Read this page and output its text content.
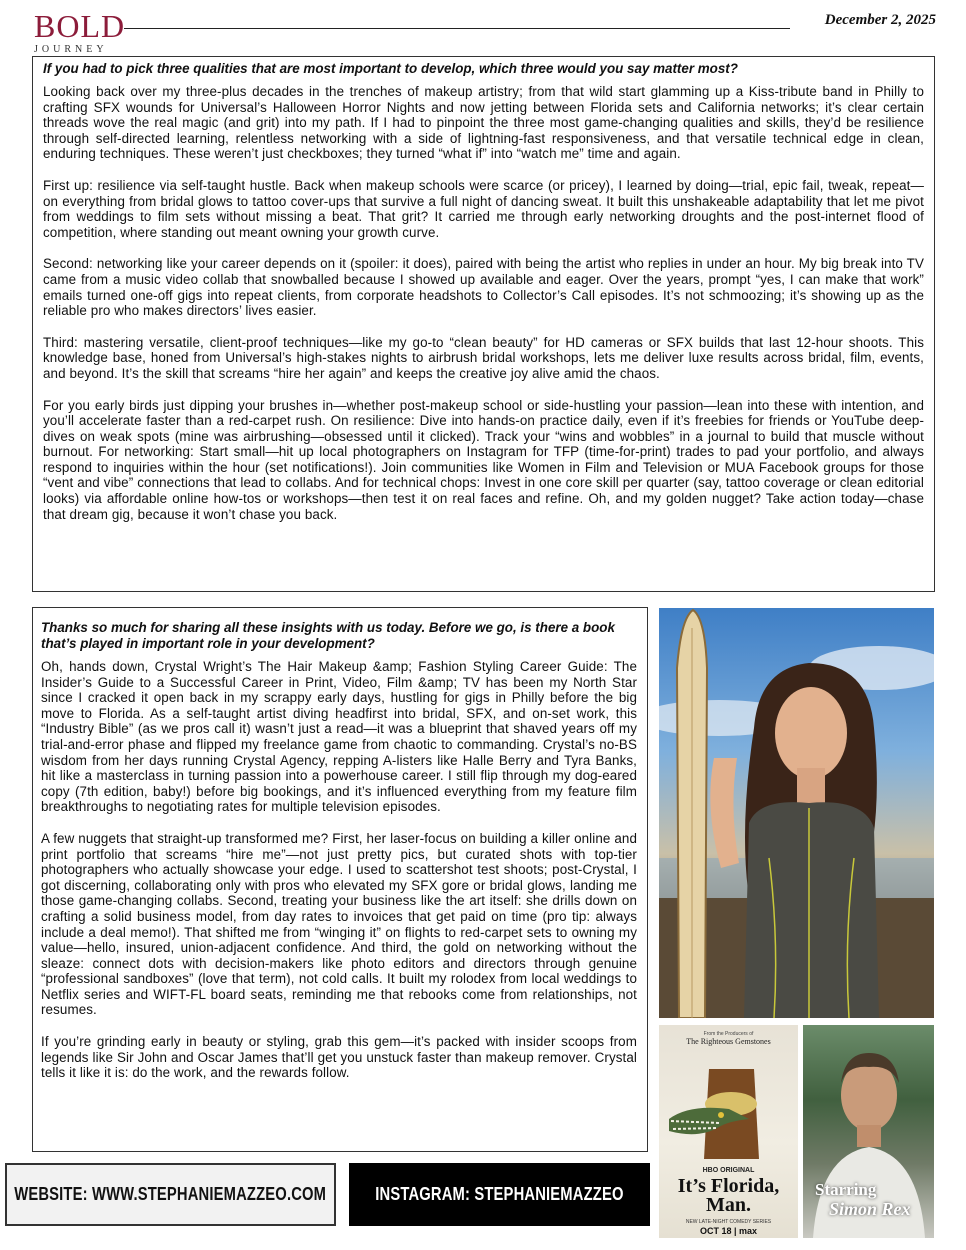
BOLD
JOURNEY
December 2, 2025

If you had to pick three qualities that are most important to develop, which three would you say matter most?

Looking back over my three-plus decades in the trenches of makeup artistry; from that wild start glamming up a Kiss-tribute band in Philly to crafting SFX wounds for Universal’s Halloween Horror Nights and now jetting between Florida sets and California networks; it’s clear certain threads wove the real magic (and grit) into my path. If I had to pinpoint the three most game-changing qualities and skills, they’d be resilience through self-directed learning, relentless networking with a side of lightning-fast responsiveness, and that versatile technical edge in clean, enduring techniques. These weren’t just checkboxes; they turned “what if” into “watch me” time and again.

First up: resilience via self-taught hustle. Back when makeup schools were scarce (or pricey), I learned by doing—trial, epic fail, tweak, repeat—on everything from bridal glows to tattoo cover-ups that survive a full night of dancing sweat. It built this unshakeable adaptability that let me pivot from weddings to film sets without missing a beat. That grit? It carried me through early networking droughts and the post-internet flood of competition, where standing out meant owning your growth curve.

Second: networking like your career depends on it (spoiler: it does), paired with being the artist who replies in under an hour. My big break into TV came from a music video collab that snowballed because I showed up available and eager. Over the years, prompt “yes, I can make that work” emails turned one-off gigs into repeat clients, from corporate headshots to Collector’s Call episodes. It’s not schmoozing; it’s showing up as the reliable pro who makes directors’ lives easier.

Third: mastering versatile, client-proof techniques—like my go-to “clean beauty” for HD cameras or SFX builds that last 12-hour shoots. This knowledge base, honed from Universal’s high-stakes nights to airbrush bridal workshops, lets me deliver luxe results across bridal, film, events, and beyond. It’s the skill that screams “hire her again” and keeps the creative joy alive amid the chaos.

For you early birds just dipping your brushes in—whether post-makeup school or side-hustling your passion—lean into these with intention, and you’ll accelerate faster than a red-carpet rush. On resilience: Dive into hands-on practice daily, even if it’s freebies for friends or YouTube deep-dives on weak spots (mine was airbrushing—obsessed until it clicked). Track your “wins and wobbles” in a journal to build that muscle without burnout. For networking: Start small—hit up local photographers on Instagram for TFP (time-for-print) trades to pad your portfolio, and always respond to inquiries within the hour (set notifications!). Join communities like Women in Film and Television or MUA Facebook groups for those “vent and vibe” connections that lead to collabs. And for technical chops: Invest in one core skill per quarter (say, tattoo coverage or clean editorial looks) via affordable online how-tos or workshops—then test it on real faces and refine. Oh, and my golden nugget? Take action today—chase that dream gig, because it won’t chase you back.

Thanks so much for sharing all these insights with us today. Before we go, is there a book that’s played in important role in your development?

Oh, hands down, Crystal Wright’s The Hair Makeup &amp; Fashion Styling Career Guide: The Insider’s Guide to a Successful Career in Print, Video, Film &amp; TV has been my North Star since I cracked it open back in my scrappy early days, hustling for gigs in Philly before the big move to Florida. As a self-taught artist diving headfirst into bridal, SFX, and on-set work, this “Industry Bible” (as we pros call it) wasn’t just a read—it was a blueprint that shaved years off my trial-and-error phase and flipped my freelance game from chaotic to commanding. Crystal’s no-BS wisdom from her days running Crystal Agency, repping A-listers like Halle Berry and Tyra Banks, hit like a masterclass in turning passion into a powerhouse career. I still flip through my dog-eared copy (7th edition, baby!) before big bookings, and it’s influenced everything from my feature film breakthroughs to negotiating rates for multiple television episodes.

A few nuggets that straight-up transformed me? First, her laser-focus on building a killer online and print portfolio that screams “hire me”—not just pretty pics, but curated shots with top-tier photographers who actually showcase your edge. I used to scattershot test shoots; post-Crystal, I got discerning, collaborating only with pros who elevated my SFX gore or bridal glows, landing me those game-changing collabs. Second, treating your business like the art itself: she drills down on crafting a solid business model, from day rates to invoices that get paid on time (pro tip: always include a deal memo!). That shifted me from “winging it” on flights to red-carpet sets to owning my value—hello, insured, union-adjacent confidence. And third, the gold on networking without the sleaze: connect dots with decision-makers like photo editors and directors through genuine “professional sandboxes” (love that term), not cold calls. It built my rolodex from local weddings to Netflix series and WIFT-FL board seats, reminding me that rebooks come from relationships, not resumes.

If you’re grinding early in beauty or styling, grab this gem—it’s packed with insider scoops from legends like Sir John and Oscar James that’ll get you unstuck faster than makeup remover. Crystal tells it like it is: do the work, and the rewards follow.

From the Producers of
The Righteous Gemstones
HBO ORIGINAL
It’s Florida, Man.
NEW LATE-NIGHT COMEDY SERIES
OCT 18 | max
Starring
Simon Rex
WEBSITE: WWW.STEPHANIEMAZZEO.COM	INSTAGRAM: STEPHANIEMAZZEO
